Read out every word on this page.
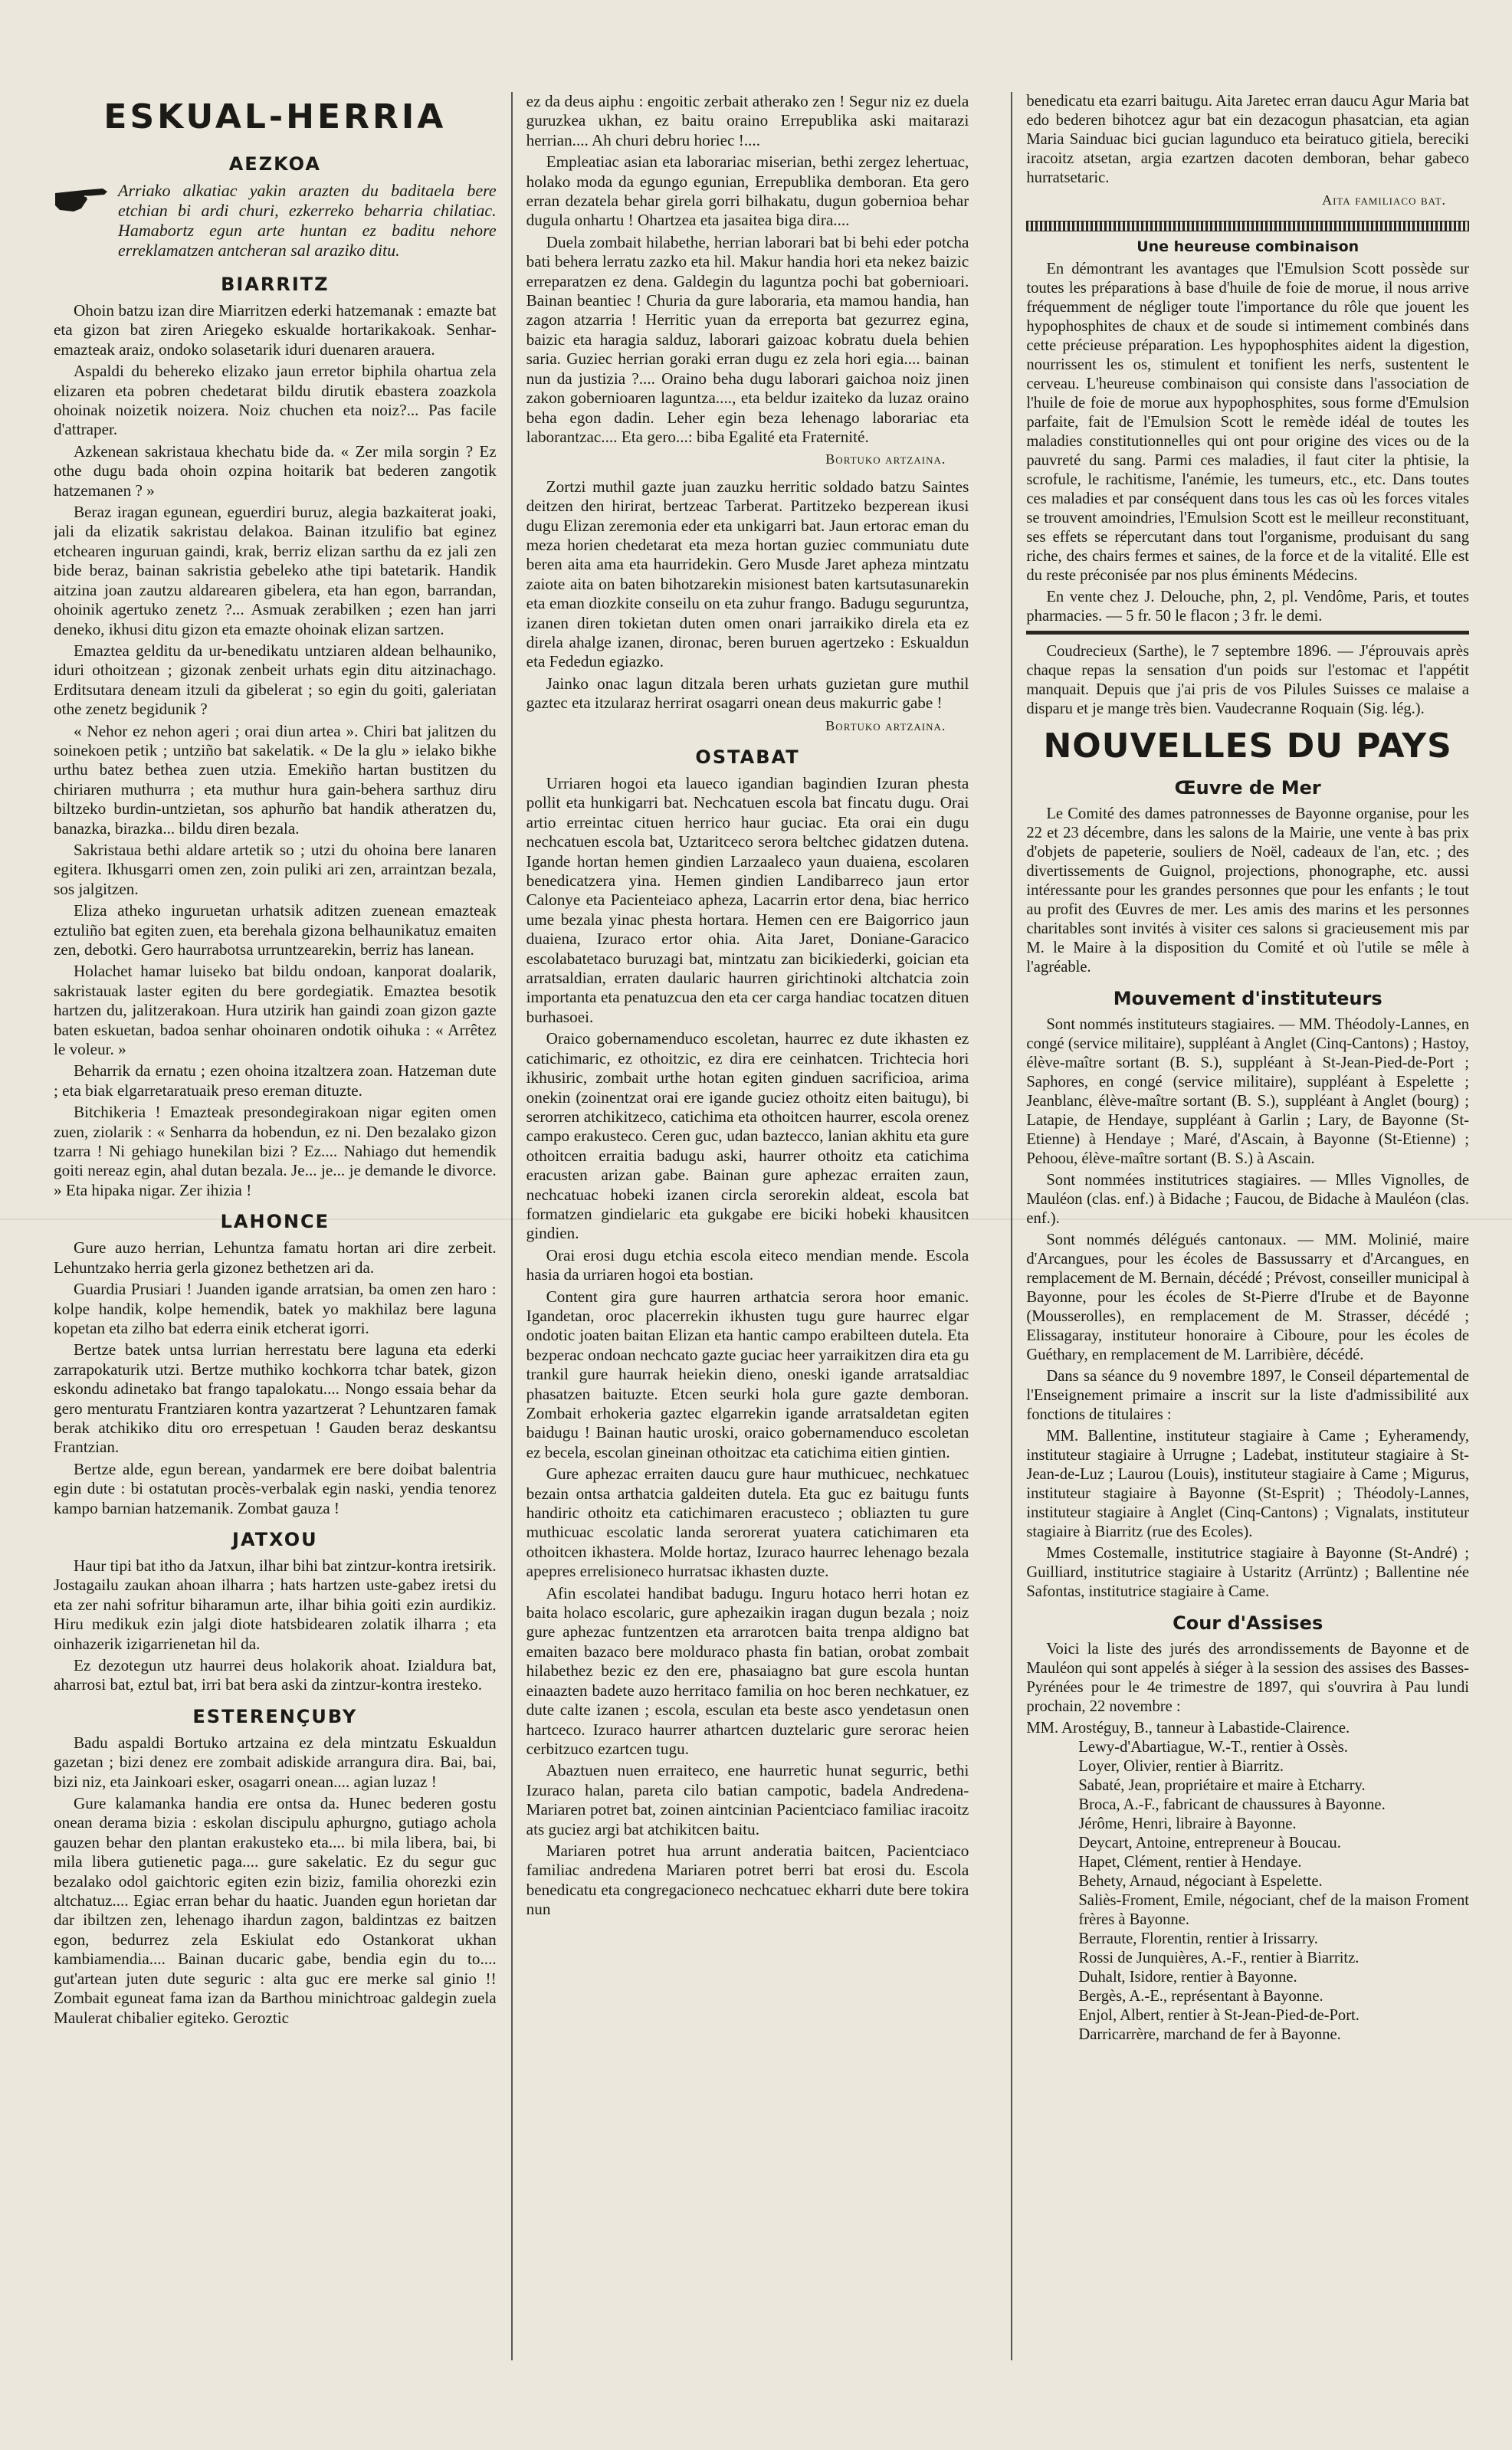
ESKUAL-HERRIA
AEZKOA

Arriako alkatiac yakin arazten du baditaela bere etchian bi ardi churi, ezkerreko beharria chilatiac. Hamabortz egun arte huntan ez baditu nehore erreklamatzen antcheran sal araziko ditu.

BIARRITZ

Ohoin batzu izan dire Miarritzen ederki hatzemanak : emazte bat eta gizon bat ziren Ariegeko eskualde hortarikakoak. Senhar-emazteak araiz, ondoko solasetarik iduri duenaren arauera.

Aspaldi du behereko elizako jaun erretor biphila ohartua zela elizaren eta pobren chedetarat bildu dirutik ebastera zoazkola ohoinak noizetik noizera. Noiz chuchen eta noiz?... Pas facile d'attraper.

Azkenean sakristaua khechatu bide da. « Zer mila sorgin ? Ez othe dugu bada ohoin ozpina hoitarik bat bederen zangotik hatzemanen ? »

Beraz iragan egunean, eguerdiri buruz, alegia bazkaiterat joaki, jali da elizatik sakristau delakoa. Bainan itzulifio bat eginez etchearen inguruan gaindi, krak, berriz elizan sarthu da ez jali zen bide beraz, bainan sakristia gebeleko athe tipi batetarik. Handik aitzina joan zautzu aldarearen gibelera, eta han egon, barrandan, ohoinik agertuko zenetz ?... Asmuak zerabilken ; ezen han jarri deneko, ikhusi ditu gizon eta emazte ohoinak elizan sartzen.

Emaztea gelditu da ur-benedikatu untziaren aldean belhauniko, iduri othoitzean ; gizonak zenbeit urhats egin ditu aitzinachago. Erditsutara deneam itzuli da gibelerat ; so egin du goiti, galeriatan othe zenetz begidunik ?

« Nehor ez nehon ageri ; orai diun artea ». Chiri bat jalitzen du soinekoen petik ; untziño bat sakelatik. « De la glu » ielako bikhe urthu batez bethea zuen utzia. Emekiño hartan bustitzen du chiriaren muthurra ; eta muthur hura gain-behera sarthuz diru biltzeko burdin-untzietan, sos aphurño bat handik atheratzen du, banazka, birazka... bildu diren bezala.

Sakristaua bethi aldare artetik so ; utzi du ohoina bere lanaren egitera. Ikhusgarri omen zen, zoin puliki ari zen, arraintzan bezala, sos jalgitzen.

Eliza atheko inguruetan urhatsik aditzen zuenean emazteak eztuliño bat egiten zuen, eta berehala gizona belhaunikatuz emaiten zen, debotki. Gero haurrabotsa urruntzearekin, berriz has lanean.

Holachet hamar luiseko bat bildu ondoan, kanporat doalarik, sakristauak laster egiten du bere gordegiatik. Emaztea besotik hartzen du, jalitzerakoan. Hura utzirik han gaindi zoan gizon gazte baten eskuetan, badoa senhar ohoinaren ondotik oihuka : « Arrêtez le voleur. »

Beharrik da ernatu ; ezen ohoina itzaltzera zoan. Hatzeman dute ; eta biak elgarretaratuaik preso ereman dituzte.

Bitchikeria ! Emazteak presondegirakoan nigar egiten omen zuen, ziolarik : « Senharra da hobendun, ez ni. Den bezalako gizon tzarra ! Ni gehiago hunekilan bizi ? Ez.... Nahiago dut hemendik goiti nereaz egin, ahal dutan bezala. Je... je... je demande le divorce. » Eta hipaka nigar. Zer ihizia !

LAHONCE

Gure auzo herrian, Lehuntza famatu hortan ari dire zerbeit. Lehuntzako herria gerla gizonez bethetzen ari da.

Guardia Prusiari ! Juanden igande arratsian, ba omen zen haro : kolpe handik, kolpe hemendik, batek yo makhilaz bere laguna kopetan eta zilho bat ederra einik etcherat igorri.

Bertze batek untsa lurrian herrestatu bere laguna eta ederki zarrapokaturik utzi. Bertze muthiko kochkorra tchar batek, gizon eskondu adinetako bat frango tapalokatu.... Nongo essaia behar da gero menturatu Frantziaren kontra yazartzerat ? Lehuntzaren famak berak atchikiko ditu oro errespetuan ! Gauden beraz deskantsu Frantzian.

Bertze alde, egun berean, yandarmek ere bere doibat balentria egin dute : bi ostatutan procès-verbalak egin naski, yendia tenorez kampo barnian hatzemanik. Zombat gauza !

JATXOU

Haur tipi bat itho da Jatxun, ilhar bihi bat zintzur-kontra iretsirik. Jostagailu zaukan ahoan ilharra ; hats hartzen uste-gabez iretsi du eta zer nahi sofritur biharamun arte, ilhar bihia goiti ezin aurdikiz. Hiru medikuk ezin jalgi diote hatsbidearen zolatik ilharra ; eta oinhazerik izigarrienetan hil da.

Ez dezotegun utz haurrei deus holakorik ahoat. Izialdura bat, aharrosi bat, eztul bat, irri bat bera aski da zintzur-kontra iresteko.

ESTERENÇUBY

Badu aspaldi Bortuko artzaina ez dela mintzatu Eskualdun gazetan ; bizi denez ere zombait adiskide arrangura dira. Bai, bai, bizi niz, eta Jainkoari esker, osagarri onean.... agian luzaz !

Gure kalamanka handia ere ontsa da. Hunec bederen gostu onean derama bizia : eskolan discipulu aphurgno, gutiago achola gauzen behar den plantan erakusteko eta.... bi mila libera, bai, bi mila libera gutienetic paga.... gure sakelatic. Ez du segur guc bezalako odol gaichtoric egiten ezin biziz, familia ohorezki ezin altchatuz.... Egiac erran behar du haatic. Juanden egun horietan dar dar ibiltzen zen, lehenago ihardun zagon, baldintzas ez baitzen egon, bedurrez zela Eskiulat edo Ostankorat ukhan kambiamendia.... Bainan ducaric gabe, bendia egin du to.... gut'artean juten dute seguric : alta guc ere merke sal ginio !! Zombait eguneat fama izan da Barthou minichtroac galdegin zuela Maulerat chibalier egiteko. Geroztic

ez da deus aiphu : engoitic zerbait atherako zen ! Segur niz ez duela guruzkea ukhan, ez baitu oraino Errepublika aski maitarazi herrian.... Ah churi debru horiec !....

Empleatiac asian eta laborariac miserian, bethi zergez lehertuac, holako moda da egungo egunian, Errepublika demboran. Eta gero erran dezatela behar girela gorri bilhakatu, dugun gobernioa behar dugula onhartu ! Ohartzea eta jasaitea biga dira....

Duela zombait hilabethe, herrian laborari bat bi behi eder potcha bati behera lerratu zazko eta hil. Makur handia hori eta nekez baizic erreparatzen ez dena. Galdegin du laguntza pochi bat gobernioari. Bainan beantiec ! Churia da gure laboraria, eta mamou handia, han zagon atzarria ! Herritic yuan da erreporta bat gezurrez egina, baizic eta haragia salduz, laborari gaizoac kobratu duela behien saria. Guziec herrian goraki erran dugu ez zela hori egia.... bainan nun da justizia ?.... Oraino beha dugu laborari gaichoa noiz jinen zakon gobernioaren laguntza...., eta beldur izaiteko da luzaz oraino beha egon dadin. Leher egin beza lehenago laborariac eta laborantzac.... Eta gero...: biba Egalité eta Fraternité.

Bortuko artzaina.

Zortzi muthil gazte juan zauzku herritic soldado batzu Saintes deitzen den hirirat, bertzeac Tarberat. Partitzeko bezperean ikusi dugu Elizan zeremonia eder eta unkigarri bat. Jaun ertorac eman du meza horien chedetarat eta meza hortan guziec communiatu dute beren aita ama eta haurridekin. Gero Musde Jaret apheza mintzatu zaiote aita on baten bihotzarekin misionest baten kartsutasunarekin eta eman diozkite conseilu on eta zuhur frango. Badugu seguruntza, izanen diren tokietan duten omen onari jarraikiko direla eta ez direla ahalge izanen, dironac, beren buruen agertzeko : Eskualdun eta Fededun egiazko.

Jainko onac lagun ditzala beren urhats guzietan gure muthil gaztec eta itzularaz herrirat osagarri onean deus makurric gabe !

Bortuko artzaina.
OSTABAT

Urriaren hogoi eta laueco igandian bagindien Izuran phesta pollit eta hunkigarri bat. Nechcatuen escola bat fincatu dugu. Orai artio erreintac cituen herrico haur guciac. Eta orai ein dugu nechcatuen escola bat, Uztaritceco serora beltchec gidatzen dutena. Igande hortan hemen gindien Larzaaleco yaun duaiena, escolaren benedicatzera yina. Hemen gindien Landibarreco jaun ertor Calonye eta Pacienteiaco apheza, Lacarrin ertor dena, biac herrico ume bezala yinac phesta hortara. Hemen cen ere Baigorrico jaun duaiena, Izuraco ertor ohia. Aita Jaret, Doniane-Garacico escolabatetaco buruzagi bat, mintzatu zan bicikiederki, goician eta arratsaldian, erraten daularic haurren girichtinoki altchatcia zoin importanta eta penatuzcua den eta cer carga handiac tocatzen dituen burhasoei.

Oraico gobernamenduco escoletan, haurrec ez dute ikhasten ez catichimaric, ez othoitzic, ez dira ere ceinhatcen. Trichtecia hori ikhusiric, zombait urthe hotan egiten ginduen sacrificioa, arima onekin (zoinentzat orai ere igande guciez othoitz eiten baitugu), bi serorren atchikitzeco, catichima eta othoitcen haurrer, escola orenez campo erakusteco. Ceren guc, udan baztecco, lanian akhitu eta gure othoitcen erraitia badugu aski, haurrer othoitz eta catichima eracusten arizan gabe. Bainan gure aphezac erraiten zaun, nechcatuac hobeki izanen circla serorekin aldeat, escola bat formatzen gindielaric eta gukgabe ere biciki hobeki khausitcen gindien.

Orai erosi dugu etchia escola eiteco mendian mende. Escola hasia da urriaren hogoi eta bostian.

Content gira gure haurren arthatcia serora hoor emanic. Igandetan, oroc placerrekin ikhusten tugu gure haurrec elgar ondotic joaten baitan Elizan eta hantic campo erabilteen dutela. Eta bezperac ondoan nechcato gazte guciac heer yarraikitzen dira eta gu trankil gure haurrak heiekin dieno, oneski igande arratsaldiac phasatzen baituzte. Etcen seurki hola gure gazte demboran. Zombait erhokeria gaztec elgarrekin igande arratsaldetan egiten baidugu ! Bainan hautic uroski, oraico gobernamenduco escoletan ez becela, escolan gineinan othoitzac eta catichima eitien gintien.

Gure aphezac erraiten daucu gure haur muthicuec, nechkatuec bezain ontsa arthatcia galdeiten dutela. Eta guc ez baitugu funts handiric othoitz eta catichimaren eracusteco ; obliazten tu gure muthicuac escolatic landa serorerat yuatera catichimaren eta othoitcen ikhastera. Molde hortaz, Izuraco haurrec lehenago bezala apepres errelisioneco hurratsac ikhasten duzte.

Afin escolatei handibat badugu. Inguru hotaco herri hotan ez baita holaco escolaric, gure aphezaikin iragan dugun bezala ; noiz gure aphezac funtzentzen eta arrarotcen baita trenpa aldigno bat emaiten bazaco bere molduraco phasta fin batian, orobat zombait hilabethez bezic ez den ere, phasaiagno bat gure escola huntan einaazten badete auzo herritaco familia on hoc beren nechkatuer, ez dute calte izanen ; escola, esculan eta beste asco yendetasun onen hartceco. Izuraco haurrer athartcen duztelaric gure serorac heien cerbitzuco ezartcen tugu.

Abaztuen nuen erraiteco, ene haurretic hunat segurric, bethi Izuraco halan, pareta cilo batian campotic, badela Andredena-Mariaren potret bat, zoinen aintcinian Pacientciaco familiac iracoitz ats guciez argi bat atchikitcen baitu.

Mariaren potret hua arrunt anderatia baitcen, Pacientciaco familiac andredena Mariaren potret berri bat erosi du. Escola benedicatu eta congregacioneco nechcatuec ekharri dute bere tokira nun

benedicatu eta ezarri baitugu. Aita Jaretec erran daucu Agur Maria bat edo bederen bihotcez agur bat ein dezacogun phasatcian, eta agian Maria Sainduac bici gucian lagunduco eta beiratuco gitiela, bereciki iracoitz atsetan, argia ezartzen dacoten demboran, behar gabeco hurratsetaric.

Aita familiaco bat.
Une heureuse combinaison

En démontrant les avantages que l'Emulsion Scott possède sur toutes les préparations à base d'huile de foie de morue, il nous arrive fréquemment de négliger toute l'importance du rôle que jouent les hypophosphites de chaux et de soude si intimement combinés dans cette précieuse préparation. Les hypophosphites aident la digestion, nourrissent les os, stimulent et tonifient les nerfs, sustentent le cerveau. L'heureuse combinaison qui consiste dans l'association de l'huile de foie de morue aux hypophosphites, sous forme d'Emulsion parfaite, fait de l'Emulsion Scott le remède idéal de toutes les maladies constitutionnelles qui ont pour origine des vices ou de la pauvreté du sang. Parmi ces maladies, il faut citer la phtisie, la scrofule, le rachitisme, l'anémie, les tumeurs, etc., etc. Dans toutes ces maladies et par conséquent dans tous les cas où les forces vitales se trouvent amoindries, l'Emulsion Scott est le meilleur reconstituant, ses effets se répercutant dans tout l'organisme, produisant du sang riche, des chairs fermes et saines, de la force et de la vitalité. Elle est du reste préconisée par nos plus éminents Médecins.

En vente chez J. Delouche, phn, 2, pl. Vendôme, Paris, et toutes pharmacies. — 5 fr. 50 le flacon ; 3 fr. le demi.

Coudrecieux (Sarthe), le 7 septembre 1896. — J'éprouvais après chaque repas la sensation d'un poids sur l'estomac et l'appétit manquait. Depuis que j'ai pris de vos Pilules Suisses ce malaise a disparu et je mange très bien. Vaudecranne Roquain (Sig. lég.).

NOUVELLES DU PAYS
Œuvre de Mer

Le Comité des dames patronnesses de Bayonne organise, pour les 22 et 23 décembre, dans les salons de la Mairie, une vente à bas prix d'objets de papeterie, souliers de Noël, cadeaux de l'an, etc. ; des divertissements de Guignol, projections, phonographe, etc. aussi intéressante pour les grandes personnes que pour les enfants ; le tout au profit des Œuvres de mer. Les amis des marins et les personnes charitables sont invités à visiter ces salons si gracieusement mis par M. le Maire à la disposition du Comité et où l'utile se mêle à l'agréable.

Mouvement d'instituteurs

Sont nommés instituteurs stagiaires. — MM. Théodoly-Lannes, en congé (service militaire), suppléant à Anglet (Cinq-Cantons) ; Hastoy, élève-maître sortant (B. S.), suppléant à St-Jean-Pied-de-Port ; Saphores, en congé (service militaire), suppléant à Espelette ; Jeanblanc, élève-maître sortant (B. S.), suppléant à Anglet (bourg) ; Latapie, de Hendaye, suppléant à Garlin ; Lary, de Bayonne (St-Etienne) à Hendaye ; Maré, d'Ascain, à Bayonne (St-Etienne) ; Pehoou, élève-maître sortant (B. S.) à Ascain.

Sont nommées institutrices stagiaires. — Mlles Vignolles, de Mauléon (clas. enf.) à Bidache ; Faucou, de Bidache à Mauléon (clas. enf.).

Sont nommés délégués cantonaux. — MM. Molinié, maire d'Arcangues, pour les écoles de Bassussarry et d'Arcangues, en remplacement de M. Bernain, décédé ; Prévost, conseiller municipal à Bayonne, pour les écoles de St-Pierre d'Irube et de Bayonne (Mousserolles), en remplacement de M. Strasser, décédé ; Elissagaray, instituteur honoraire à Ciboure, pour les écoles de Guéthary, en remplacement de M. Larribière, décédé.

Dans sa séance du 9 novembre 1897, le Conseil départemental de l'Enseignement primaire a inscrit sur la liste d'admissibilité aux fonctions de titulaires :

MM. Ballentine, instituteur stagiaire à Came ; Eyheramendy, instituteur stagiaire à Urrugne ; Ladebat, instituteur stagiaire à St-Jean-de-Luz ; Laurou (Louis), instituteur stagiaire à Came ; Migurus, instituteur stagiaire à Bayonne (St-Esprit) ; Théodoly-Lannes, instituteur stagiaire à Anglet (Cinq-Cantons) ; Vignalats, instituteur stagiaire à Biarritz (rue des Ecoles).

Mmes Costemalle, institutrice stagiaire à Bayonne (St-André) ; Guilliard, institutrice stagiaire à Ustaritz (Arrüntz) ; Ballentine née Safontas, institutrice stagiaire à Came.

Cour d'Assises

Voici la liste des jurés des arrondissements de Bayonne et de Mauléon qui sont appelés à siéger à la session des assises des Basses-Pyrénées pour le 4e trimestre de 1897, qui s'ouvrira à Pau lundi prochain, 22 novembre :

MM. Arostéguy, B., tanneur à Labastide-Clairence.

Lewy-d'Abartiague, W.-T., rentier à Ossès.

Loyer, Olivier, rentier à Biarritz.

Sabaté, Jean, propriétaire et maire à Etcharry.

Broca, A.-F., fabricant de chaussures à Bayonne.

Jérôme, Henri, libraire à Bayonne.

Deycart, Antoine, entrepreneur à Boucau.

Hapet, Clément, rentier à Hendaye.

Behety, Arnaud, négociant à Espelette.

Saliès-Froment, Emile, négociant, chef de la maison Froment frères à Bayonne.

Berraute, Florentin, rentier à Irissarry.

Rossi de Junquières, A.-F., rentier à Biarritz.

Duhalt, Isidore, rentier à Bayonne.

Bergès, A.-E., représentant à Bayonne.

Enjol, Albert, rentier à St-Jean-Pied-de-Port.

Darricarrère, marchand de fer à Bayonne.
